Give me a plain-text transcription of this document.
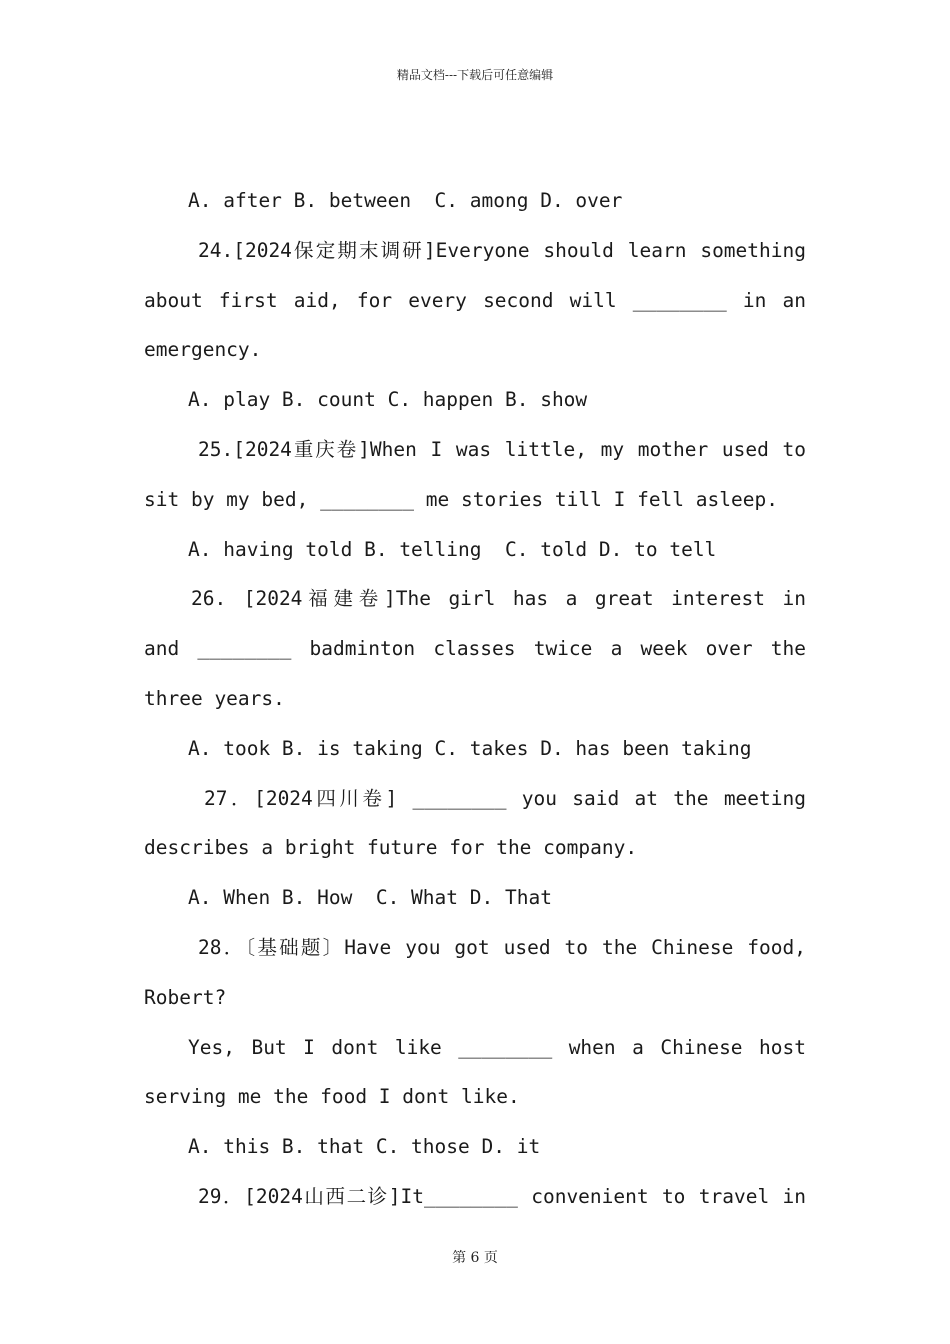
精品文档---下载后可任意编辑
A. after B. between  C. among D. over
24.[2024保定期末调研]Everyone should learn something
about first aid, for every second will ________ in an
emergency.
A. play B. count C. happen B. show
25.[2024重庆卷]When I was little, my mother used to
sit by my bed, ________ me stories till I fell asleep.
A. having told B. telling  C. told D. to tell
26. [2024福建卷]The girl has a great interest in
and ________ badminton classes twice a week over the
three years.
A. took B. is taking C. takes D. has been taking
27．[2024四川卷] ________ you said at the meeting
describes a bright future for the company.
A. When B. How  C. What D. That
28．〔基础题〕Have you got used to the Chinese food,
Robert?
Yes, But I dont like ________ when a Chinese host
serving me the food I dont like.
A. this B. that C. those D. it
29．[2024山西二诊]It________ convenient to travel in
第 6 页
